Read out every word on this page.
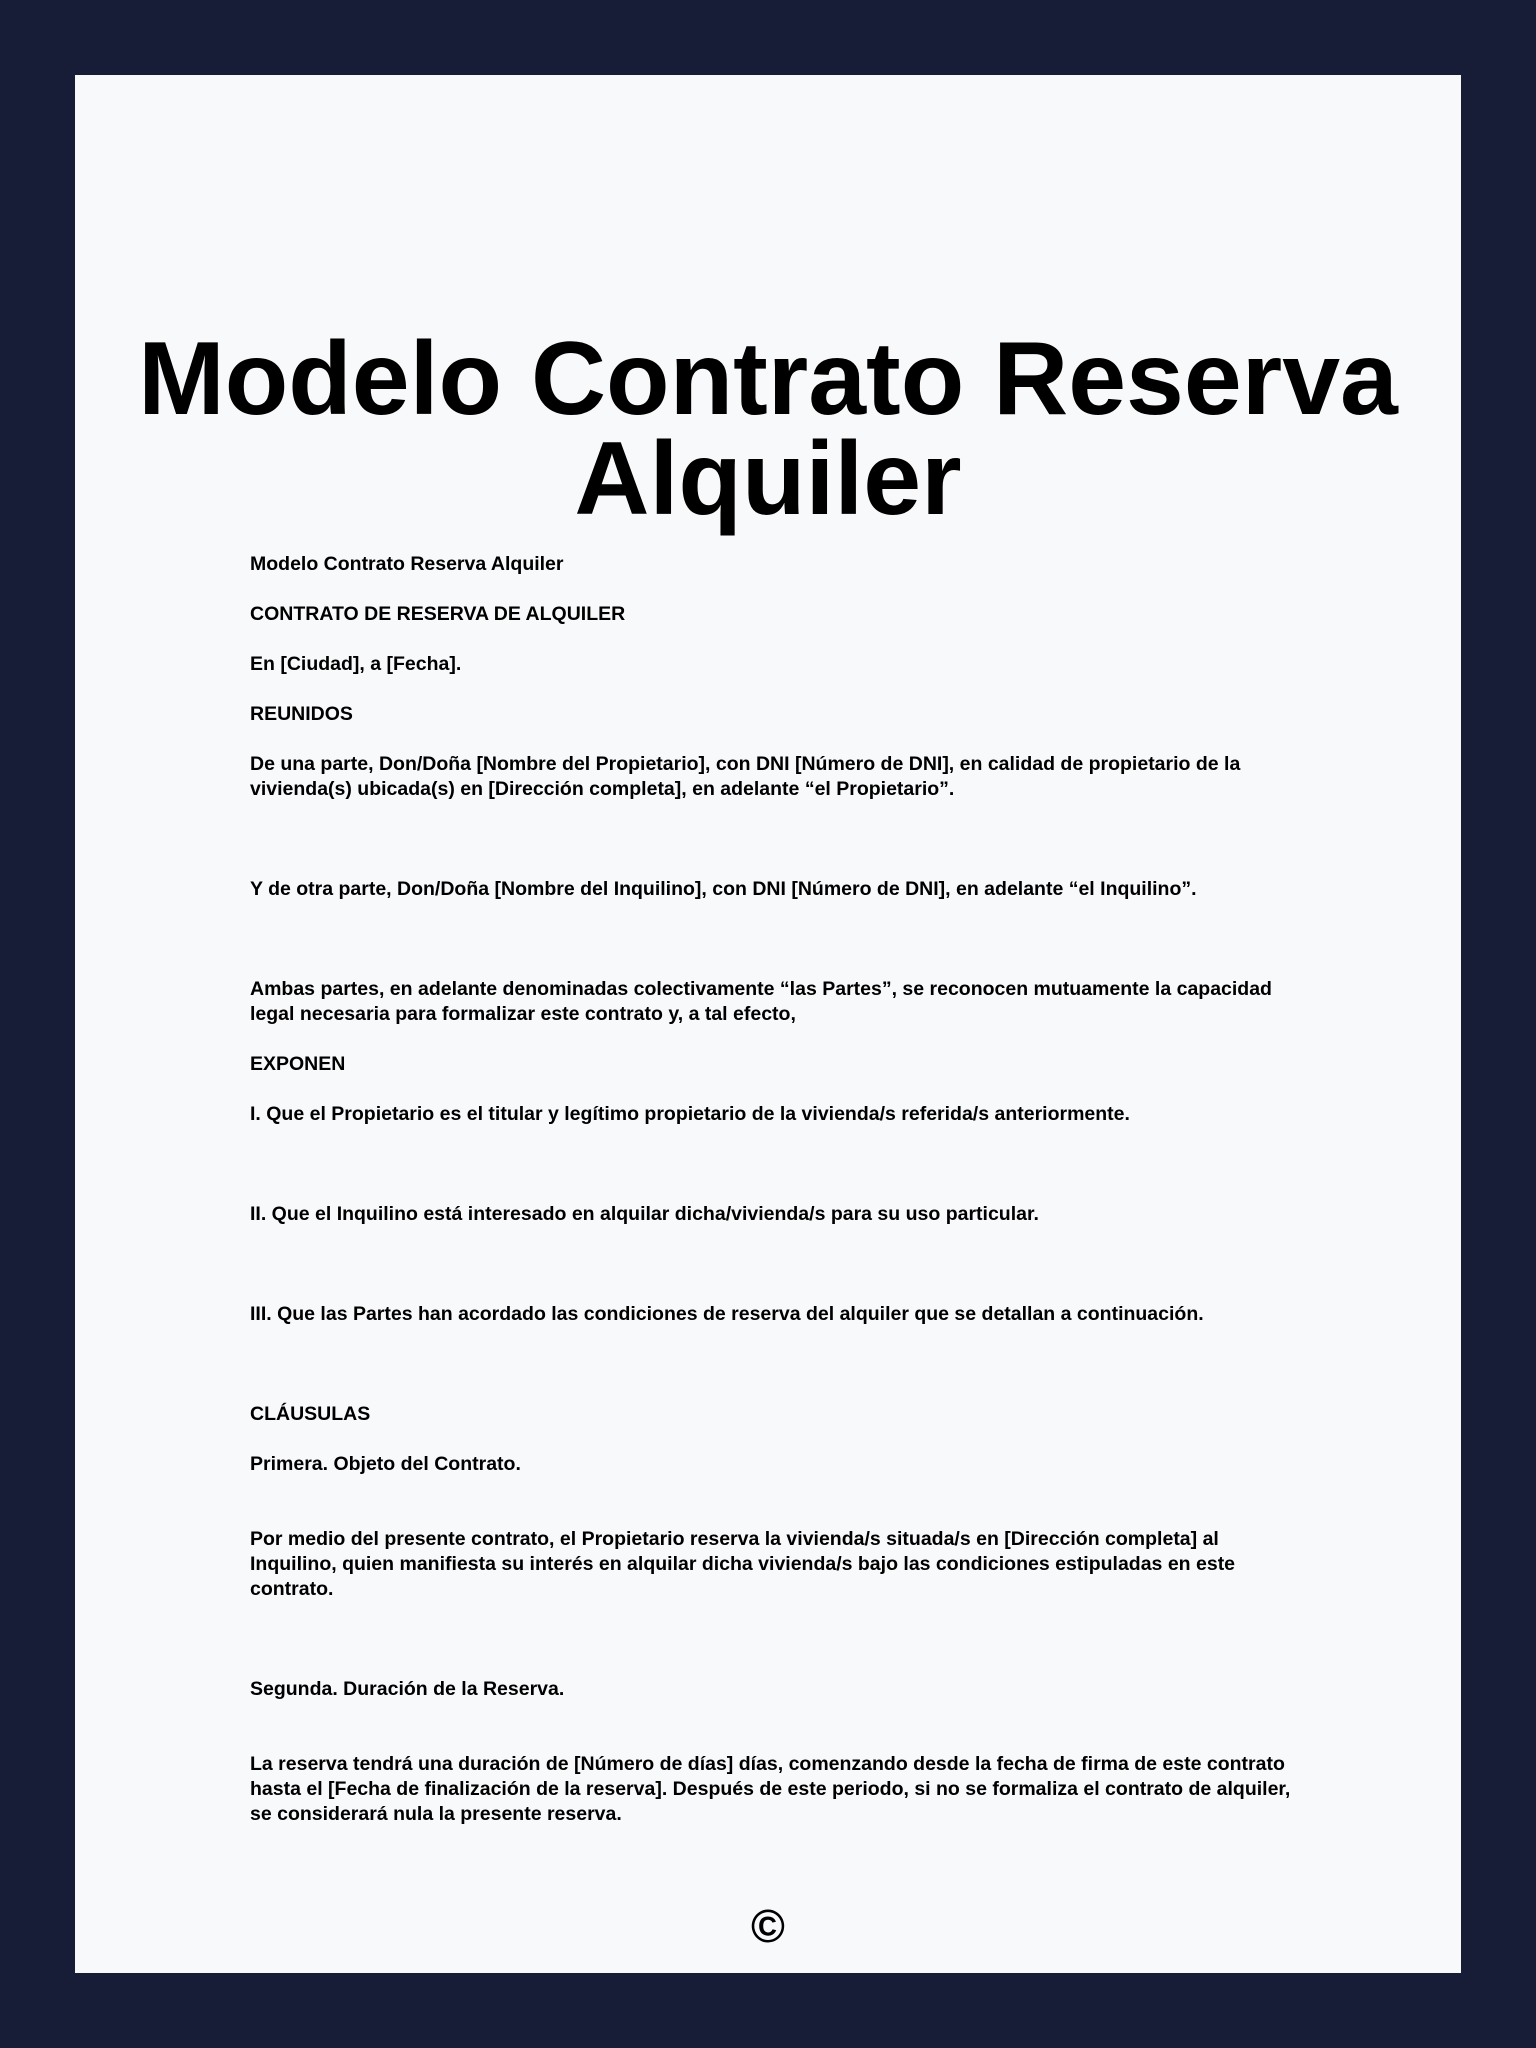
Modelo Contrato Reserva Alquiler

Modelo Contrato Reserva Alquiler

CONTRATO DE RESERVA DE ALQUILER

En [Ciudad], a [Fecha].

REUNIDOS

De una parte, Don/Doña [Nombre del Propietario], con DNI [Número de DNI], en calidad de propietario de la vivienda(s) ubicada(s) en [Dirección completa], en adelante “el Propietario”.

Y de otra parte, Don/Doña [Nombre del Inquilino], con DNI [Número de DNI], en adelante “el Inquilino”.

Ambas partes, en adelante denominadas colectivamente “las Partes”, se reconocen mutuamente la capacidad legal necesaria para formalizar este contrato y, a tal efecto,

EXPONEN

I. Que el Propietario es el titular y legítimo propietario de la vivienda/s referida/s anteriormente.

II. Que el Inquilino está interesado en alquilar dicha/vivienda/s para su uso particular.

III. Que las Partes han acordado las condiciones de reserva del alquiler que se detallan a continuación.

CLÁUSULAS

Primera. Objeto del Contrato.

Por medio del presente contrato, el Propietario reserva la vivienda/s situada/s en [Dirección completa] al Inquilino, quien manifiesta su interés en alquilar dicha vivienda/s bajo las condiciones estipuladas en este contrato.

Segunda. Duración de la Reserva.

La reserva tendrá una duración de [Número de días] días, comenzando desde la fecha de firma de este contrato hasta el [Fecha de finalización de la reserva]. Después de este periodo, si no se formaliza el contrato de alquiler, se considerará nula la presente reserva.

©
